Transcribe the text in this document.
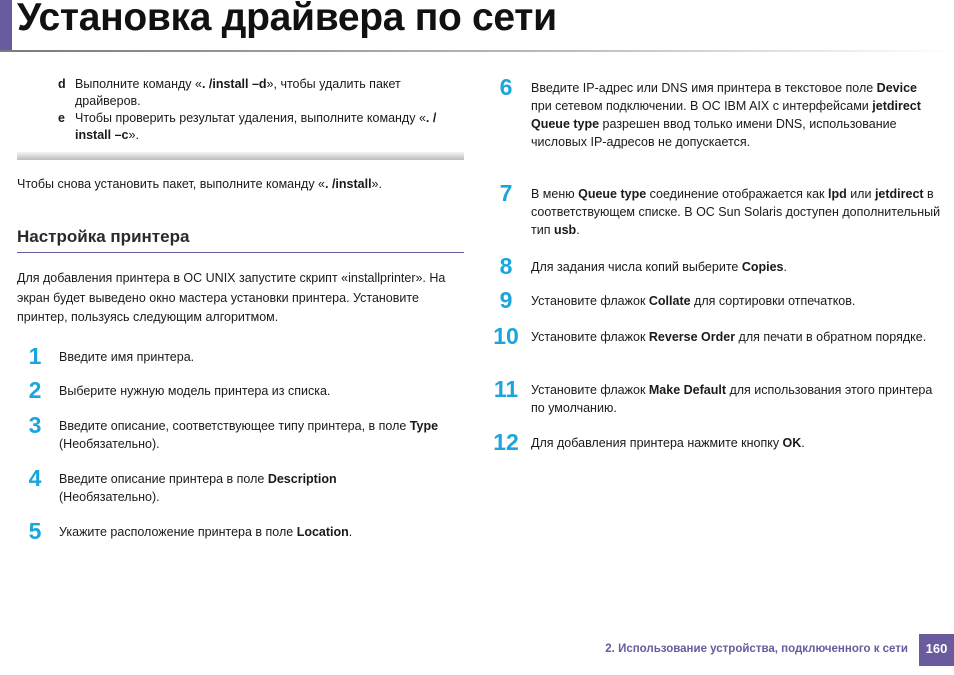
Установка драйвера по сети
d Выполните команду «. /install –d», чтобы удалить пакет драйверов.
e Чтобы проверить результат удаления, выполните команду «. / install –c».

Чтобы снова установить пакет, выполните команду «. /install».

Настройка принтера

Для добавления принтера в ОС UNIX запустите скрипт «installprinter». На экран будет выведено окно мастера установки принтера. Установите принтер, пользуясь следующим алгоритмом.

1	Введите имя принтера.
2	Выберите нужную модель принтера из списка.
3	Введите описание, соответствующее типу принтера, в поле Type (Необязательно).
4	Введите описание принтера в поле Description
(Необязательно).
5	Укажите расположение принтера в поле Location.
6	Введите IP-адрес или DNS имя принтера в текстовое поле Device при сетевом подключении. В ОС IBM AIX с интерфейсами jetdirect Queue type разрешен ввод только имени DNS, использование числовых IP-адресов не допускается.
7	В меню Queue type соединение отображается как lpd или jetdirect в соответствующем списке. В ОС Sun Solaris доступен дополнительный тип usb.
8	Для задания числа копий выберите Copies.
9	Установите флажок Collate для сортировки отпечатков.
10 Установите флажок Reverse Order для печати в обратном порядке.
11	Установите флажок Make Default для использования этого принтера по умолчанию.
12 Для добавления принтера нажмите кнопку OK.
2. Использование устройства, подключенного к сети	160
